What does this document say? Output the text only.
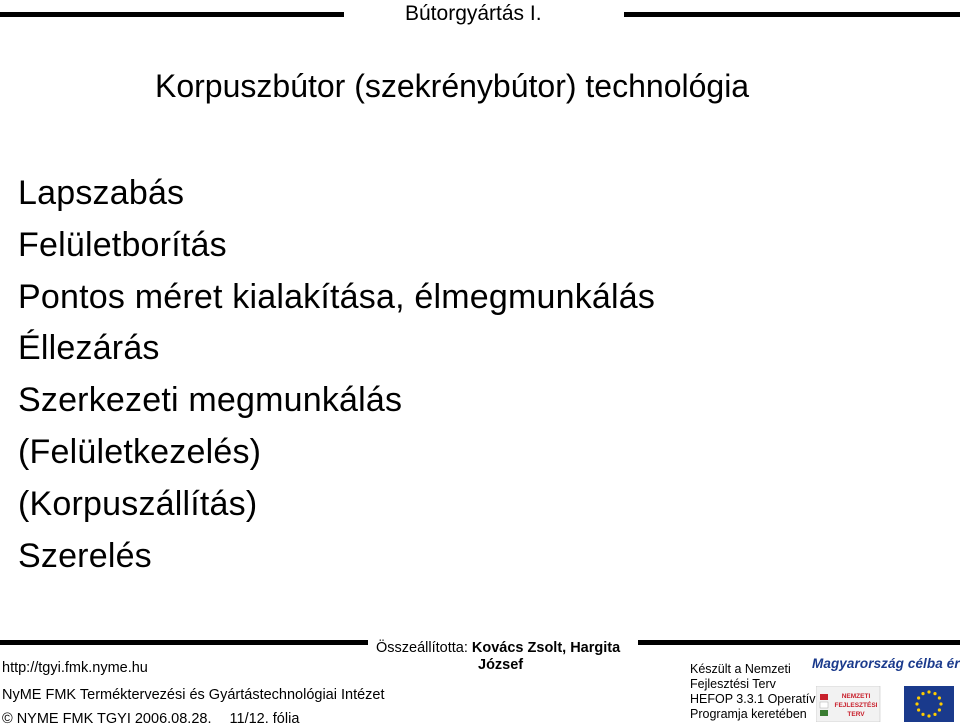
Bútorgyártás I.
Korpuszbútor (szekrénybútor) technológia
Lapszabás
Felületborítás
Pontos méret kialakítása, élmegmunkálás
Éllezárás
Szerkezeti megmunkálás
(Felületkezelés)
(Korpuszállítás)
Szerelés
http://tgyi.fmk.nyme.hu
Összeállította: Kovács Zsolt, Hargita
József
NyME FMK Terméktervezési és Gyártástechnológiai Intézet
© NYME FMK TGYI 2006.08.28. 11/12. fólia
Készült a Nemzeti
Fejlesztési Terv
HEFOP 3.3.1 Operatív
Programja keretében
Magyarország célba ér
NEMZETI
FEJLESZTÉSI
TERV
